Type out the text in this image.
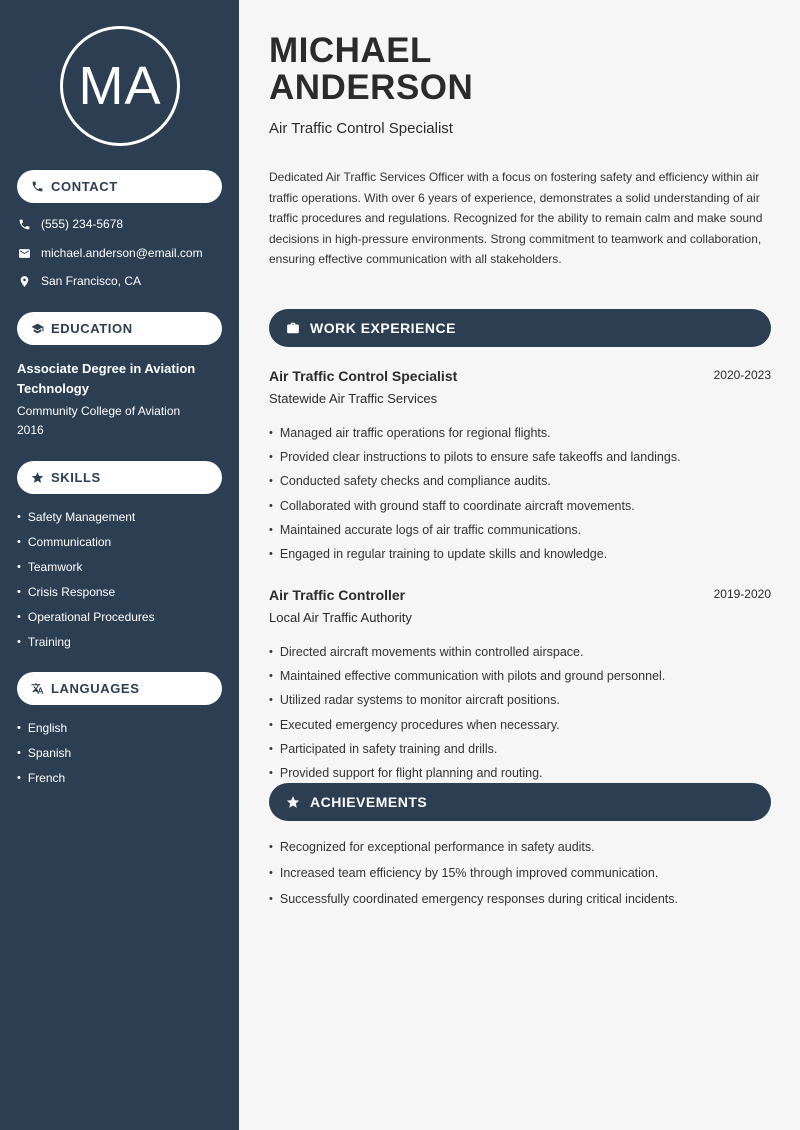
MA
CONTACT
(555) 234-5678
michael.anderson@email.com
San Francisco, CA
EDUCATION
Associate Degree in Aviation Technology
Community College of Aviation
2016
SKILLS
• Safety Management
• Communication
• Teamwork
• Crisis Response
• Operational Procedures
• Training
LANGUAGES
• English
• Spanish
• French
MICHAEL
ANDERSON
Air Traffic Control Specialist

Dedicated Air Traffic Services Officer with a focus on fostering safety and efficiency within air traffic operations. With over 6 years of experience, demonstrates a solid understanding of air traffic procedures and regulations. Recognized for the ability to remain calm and make sound decisions in high-pressure environments. Strong commitment to teamwork and collaboration, ensuring effective communication with all stakeholders.

WORK EXPERIENCE
Air Traffic Control Specialist	2020-2023
Statewide Air Traffic Services
• Managed air traffic operations for regional flights.
• Provided clear instructions to pilots to ensure safe takeoffs and landings.
• Conducted safety checks and compliance audits.
• Collaborated with ground staff to coordinate aircraft movements.
• Maintained accurate logs of air traffic communications.
• Engaged in regular training to update skills and knowledge.
Air Traffic Controller	2019-2020
Local Air Traffic Authority
• Directed aircraft movements within controlled airspace.
• Maintained effective communication with pilots and ground personnel.
• Utilized radar systems to monitor aircraft positions.
• Executed emergency procedures when necessary.
• Participated in safety training and drills.
• Provided support for flight planning and routing.
ACHIEVEMENTS
• Recognized for exceptional performance in safety audits.
• Increased team efficiency by 15% through improved communication.
• Successfully coordinated emergency responses during critical incidents.
